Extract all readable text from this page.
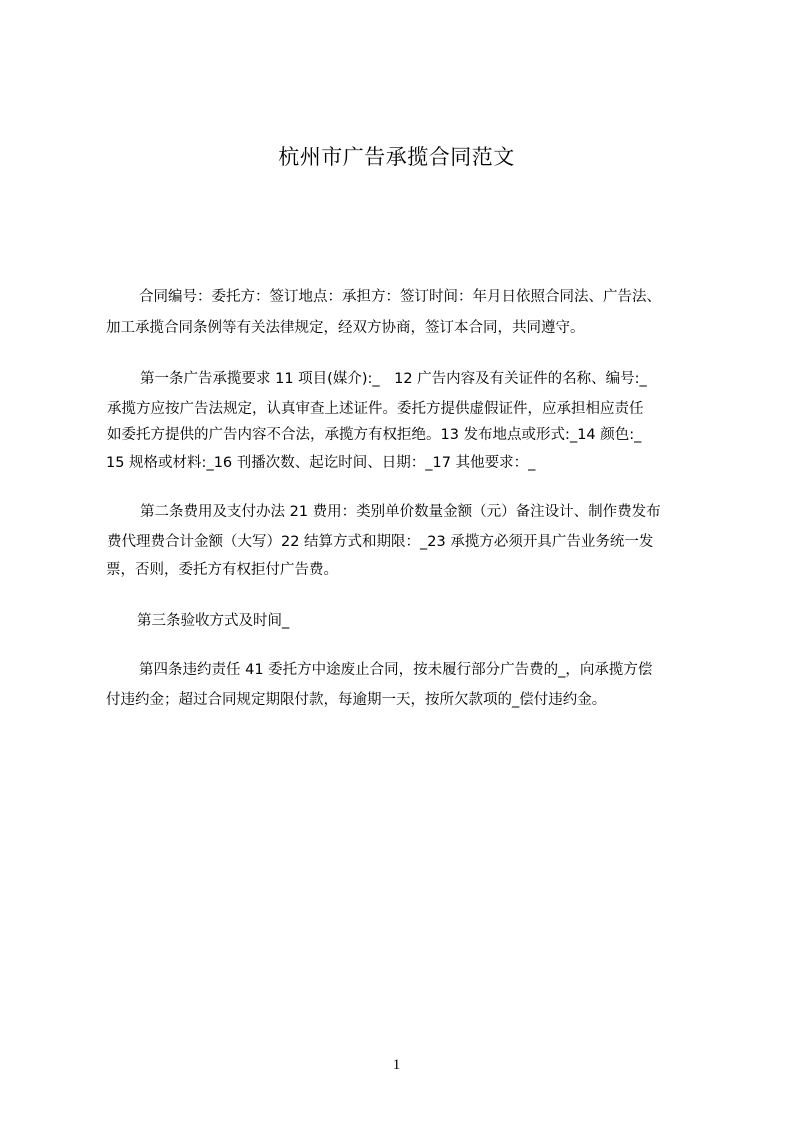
杭州市广告承揽合同范文
合同编号：委托方：签订地点：承担方：签订时间：年月日依照合同法、广告法、
加工承揽合同条例等有关法律规定，经双方协商，签订本合同，共同遵守。
第一条广告承揽要求 11 项目(媒介):_　12 广告内容及有关证件的名称、编号:_
承揽方应按广告法规定，认真审查上述证件。委托方提供虚假证件，应承担相应责任
如委托方提供的广告内容不合法，承揽方有权拒绝。13 发布地点或形式:_14 颜色:_
15 规格或材料:_16 刊播次数、起讫时间、日期：_17 其他要求：_
第二条费用及支付办法 21 费用：类别单价数量金额（元）备注设计、制作费发布
费代理费合计金额（大写）22 结算方式和期限：_23 承揽方必须开具广告业务统一发
票，否则，委托方有权拒付广告费。
第三条验收方式及时间_
第四条违约责任 41 委托方中途废止合同，按未履行部分广告费的_，向承揽方偿
付违约金；超过合同规定期限付款，每逾期一天，按所欠款项的_偿付违约金。
1
